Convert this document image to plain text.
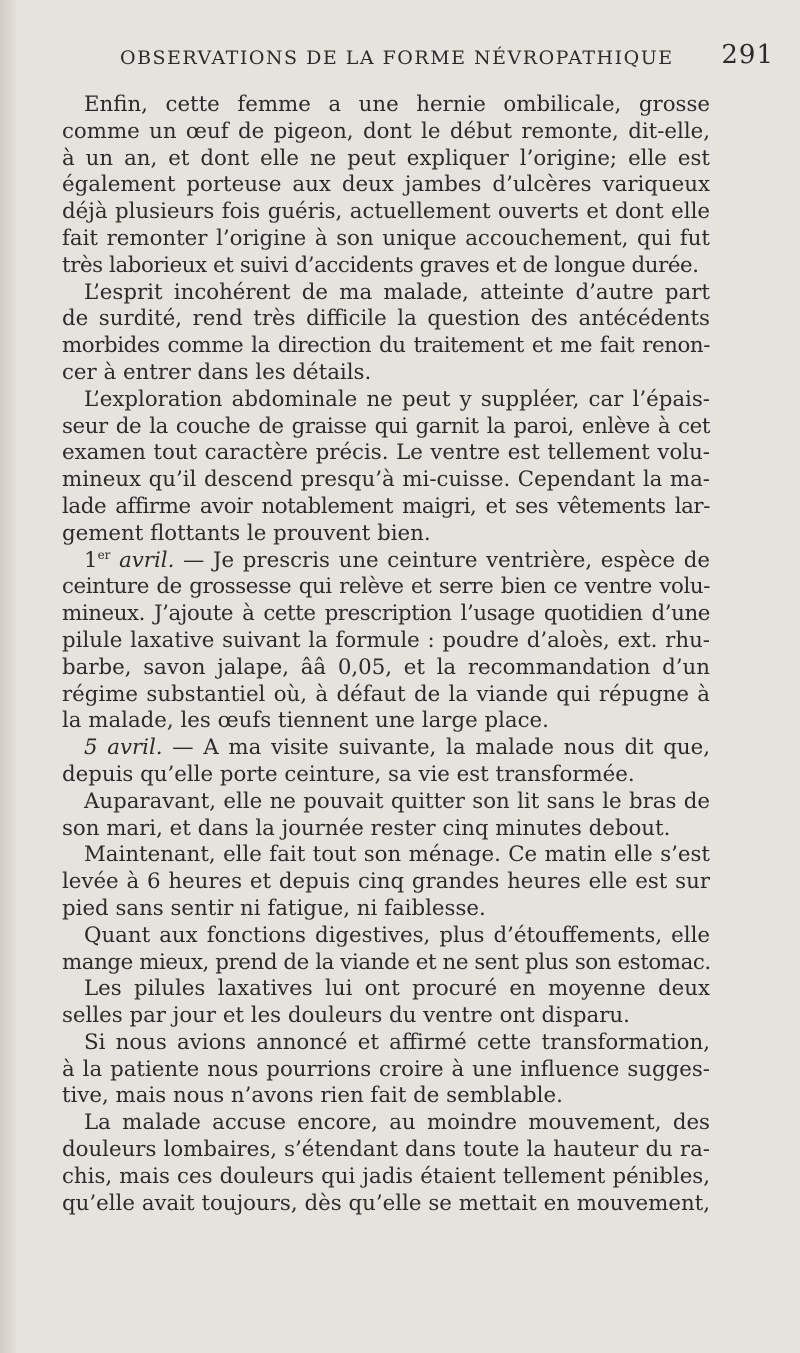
OBSERVATIONS DE LA FORME NÉVROPATHIQUE 291
Enfin, cette femme a une hernie ombilicale, grosse
comme un œuf de pigeon, dont le début remonte, dit-elle,
à un an, et dont elle ne peut expliquer l’origine; elle est
également porteuse aux deux jambes d’ulcères variqueux
déjà plusieurs fois guéris, actuellement ouverts et dont elle
fait remonter l’origine à son unique accouchement, qui fut
très laborieux et suivi d’accidents graves et de longue durée.
L’esprit incohérent de ma malade, atteinte d’autre part
de surdité, rend très difficile la question des antécédents
morbides comme la direction du traitement et me fait renon-
cer à entrer dans les détails.
L’exploration abdominale ne peut y suppléer, car l’épais-
seur de la couche de graisse qui garnit la paroi, enlève à cet
examen tout caractère précis. Le ventre est tellement volu-
mineux qu’il descend presqu’à mi-cuisse. Cependant la ma-
lade affirme avoir notablement maigri, et ses vêtements lar-
gement flottants le prouvent bien.
1er avril. — Je prescris une ceinture ventrière, espèce de
ceinture de grossesse qui relève et serre bien ce ventre volu-
mineux. J’ajoute à cette prescription l’usage quotidien d’une
pilule laxative suivant la formule : poudre d’aloès, ext. rhu-
barbe, savon jalape, ââ 0,05, et la recommandation d’un
régime substantiel où, à défaut de la viande qui répugne à
la malade, les œufs tiennent une large place.
5 avril. — A ma visite suivante, la malade nous dit que,
depuis qu’elle porte ceinture, sa vie est transformée.
Auparavant, elle ne pouvait quitter son lit sans le bras de
son mari, et dans la journée rester cinq minutes debout.
Maintenant, elle fait tout son ménage. Ce matin elle s’est
levée à 6 heures et depuis cinq grandes heures elle est sur
pied sans sentir ni fatigue, ni faiblesse.
Quant aux fonctions digestives, plus d’étouffements, elle
mange mieux, prend de la viande et ne sent plus son estomac.
Les pilules laxatives lui ont procuré en moyenne deux
selles par jour et les douleurs du ventre ont disparu.
Si nous avions annoncé et affirmé cette transformation,
à la patiente nous pourrions croire à une influence sugges-
tive, mais nous n’avons rien fait de semblable.
La malade accuse encore, au moindre mouvement, des
douleurs lombaires, s’étendant dans toute la hauteur du ra-
chis, mais ces douleurs qui jadis étaient tellement pénibles,
qu’elle avait toujours, dès qu’elle se mettait en mouvement,
